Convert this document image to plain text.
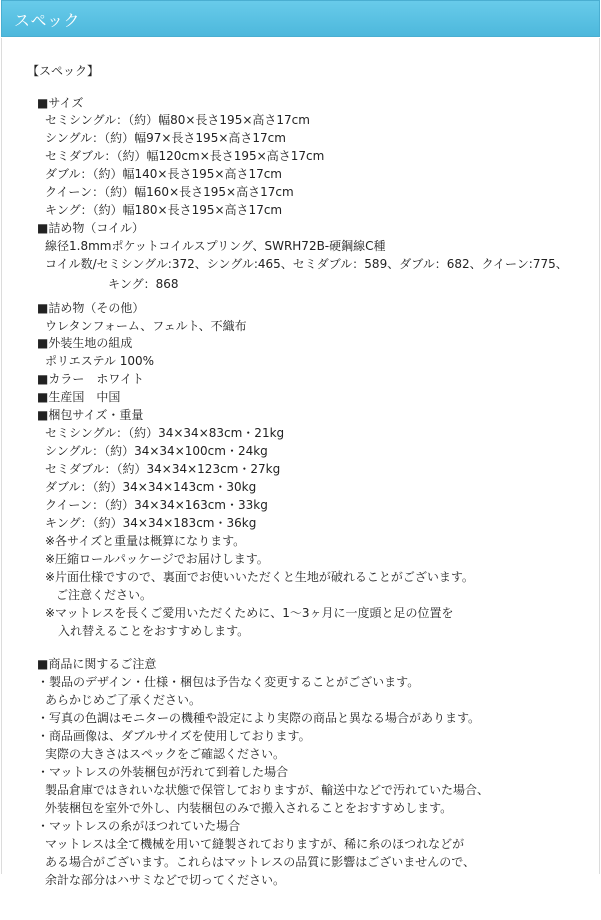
スペック
【スペック】
■サイズ
セミシングル：（約）幅80×長さ195×高さ17cm
シングル：（約）幅97×長さ195×高さ17cm
セミダブル：（約）幅120cm×長さ195×高さ17cm
ダブル：（約）幅140×長さ195×高さ17cm
クイーン：（約）幅160×長さ195×高さ17cm
キング：（約）幅180×長さ195×高さ17cm
■詰め物（コイル）
線径1.8mmポケットコイルスプリング、SWRH72B-硬鋼線C種
コイル数/セミシングル:372、シングル:465、セミダブル：589、ダブル：682、クイーン:775、
キング：868
■詰め物（その他）
ウレタンフォーム、フェルト、不織布
■外装生地の組成
ポリエステル 100%
■カラー　ホワイト
■生産国　中国
■梱包サイズ・重量
セミシングル：（約）34×34×83cm・21kg
シングル：（約）34×34×100cm・24kg
セミダブル：（約）34×34×123cm・27kg
ダブル：（約）34×34×143cm・30kg
クイーン：（約）34×34×163cm・33kg
キング：（約）34×34×183cm・36kg
※各サイズと重量は概算になります。
※圧縮ロールパッケージでお届けします。
※片面仕様ですので、裏面でお使いいただくと生地が破れることがございます。
ご注意ください。
※マットレスを長くご愛用いただくために、1～3ヶ月に一度頭と足の位置を
入れ替えることをおすすめします。
■商品に関するご注意
・製品のデザイン・仕様・梱包は予告なく変更することがございます。
あらかじめご了承ください。
・写真の色調はモニターの機種や設定により実際の商品と異なる場合があります。
・商品画像は、ダブルサイズを使用しております。
実際の大きさはスペックをご確認ください。
・マットレスの外装梱包が汚れて到着した場合
製品倉庫ではきれいな状態で保管しておりますが、輸送中などで汚れていた場合、
外装梱包を室外で外し、内装梱包のみで搬入されることをおすすめします。
・マットレスの糸がほつれていた場合
マットレスは全て機械を用いて縫製されておりますが、稀に糸のほつれなどが
ある場合がございます。これらはマットレスの品質に影響はございませんので、
余計な部分はハサミなどで切ってください。
